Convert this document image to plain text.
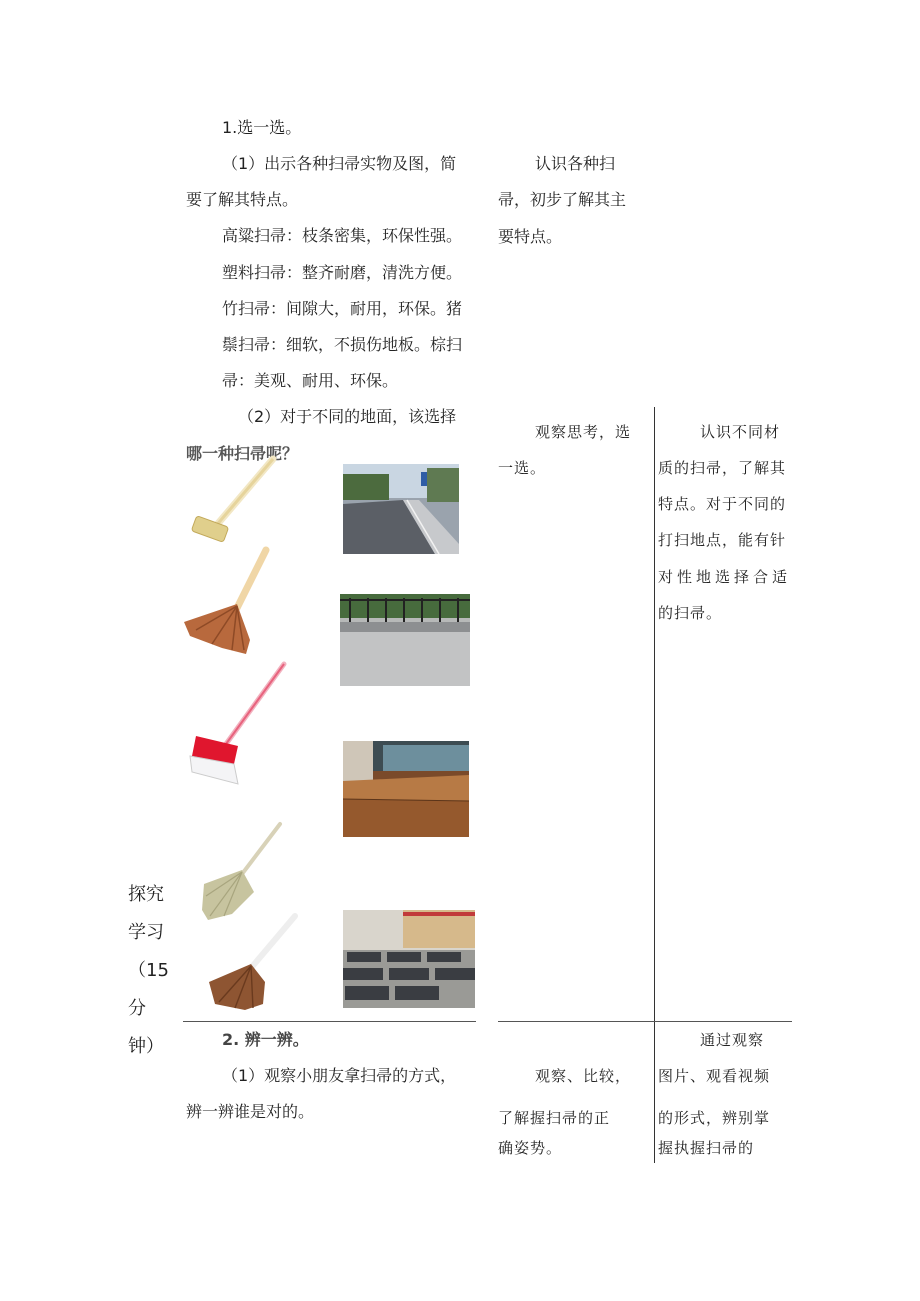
探究
学习
（15
分
钟）
1.选一选。
（1）出示各种扫帚实物及图，简
要了解其特点。
高粱扫帚：枝条密集，环保性强。
塑料扫帚：整齐耐磨，清洗方便。
竹扫帚：间隙大，耐用，环保。猪
鬃扫帚：细软，不损伤地板。棕扫
帚：美观、耐用、环保。
（2）对于不同的地面，该选择
哪一种扫帚呢？
认识各种扫
帚，初步了解其主
要特点。
观察思考，选
一选。
认识不同材
质的扫帚，了解其
特点。对于不同的
打扫地点，能有针
对性地选择合适
的扫帚。
2. 辨一辨。
（1）观察小朋友拿扫帚的方式，
辨一辨谁是对的。
观察、比较，
了解握扫帚的正
确姿势。
通过观察
图片、观看视频
的形式，辨别掌
握执握扫帚的
